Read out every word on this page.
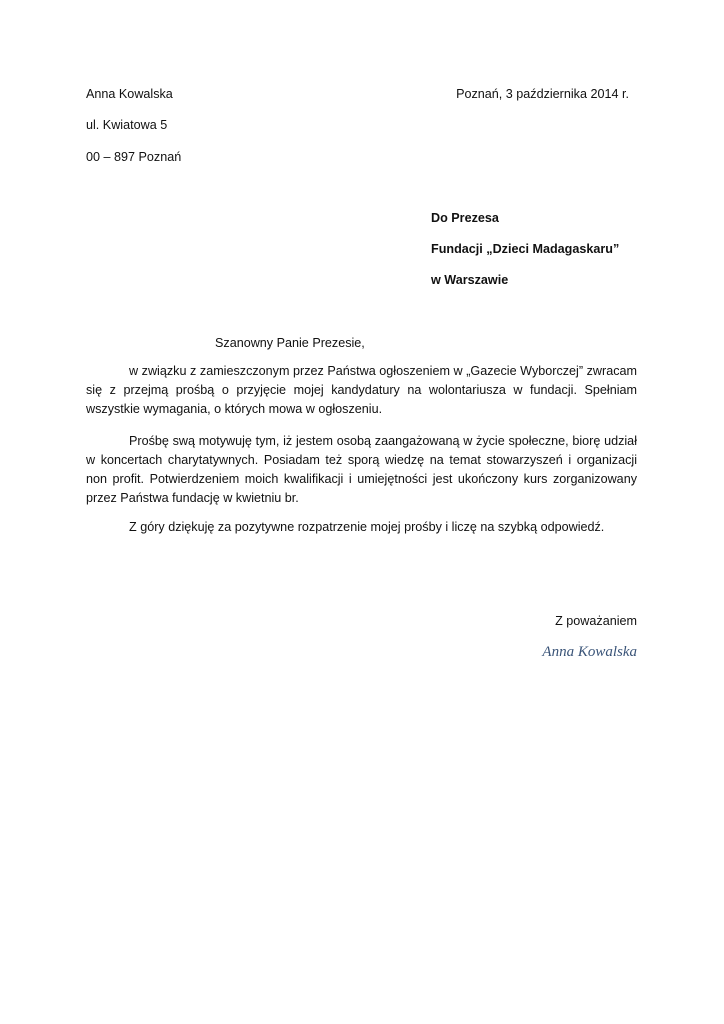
Anna Kowalska
ul. Kwiatowa 5
00 – 897 Poznań
Poznań, 3 października 2014 r.
Do Prezesa
Fundacji „Dzieci Madagaskaru”
w Warszawie
Szanowny Panie Prezesie,

w związku z zamieszczonym przez Państwa ogłoszeniem w „Gazecie Wyborczej” zwracam się z przejmą prośbą o przyjęcie mojej kandydatury na wolontariusza w fundacji. Spełniam wszystkie wymagania, o których mowa w ogłoszeniu.

Prośbę swą motywuję tym, iż jestem osobą zaangażowaną w życie społeczne, biorę udział w koncertach charytatywnych. Posiadam też sporą wiedzę na temat stowarzyszeń i organizacji non profit. Potwierdzeniem moich kwalifikacji i umiejętności jest ukończony kurs zorganizowany przez Państwa fundację w kwietniu br.

Z góry dziękuję za pozytywne rozpatrzenie mojej prośby i liczę na szybką odpowiedź.

Z poważaniem
Anna Kowalska
